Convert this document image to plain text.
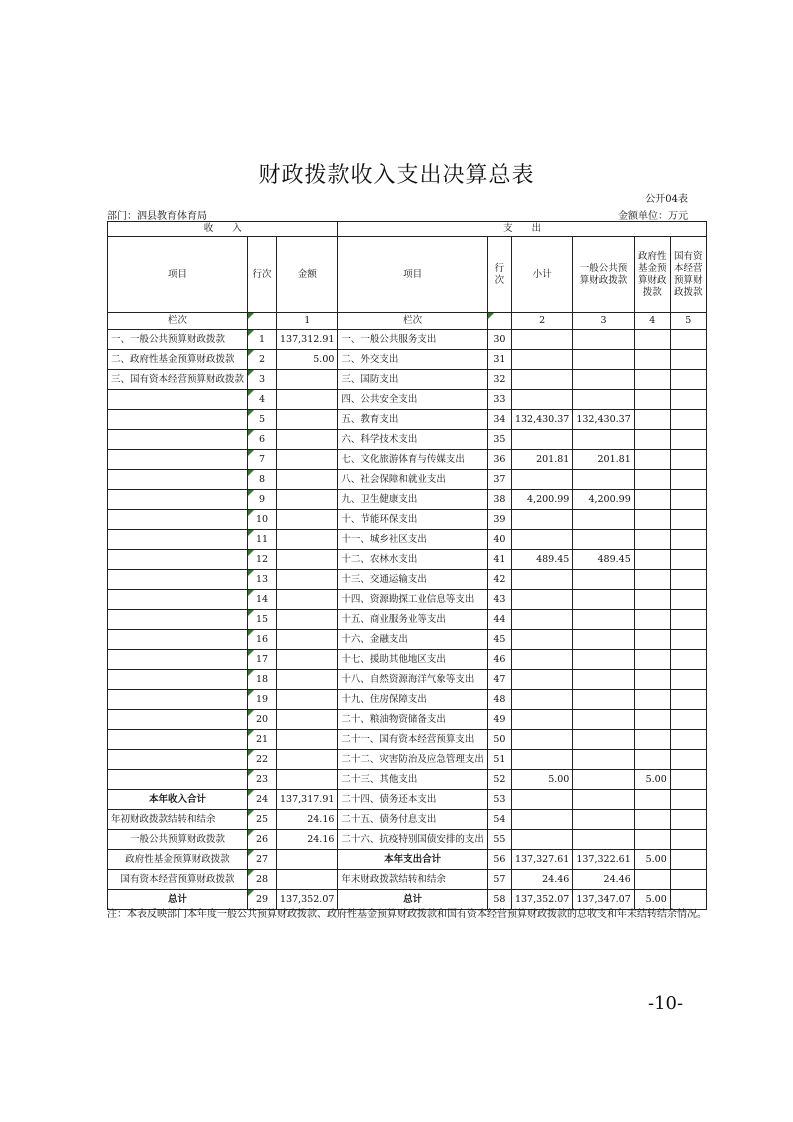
财政拨款收入支出决算总表
公开04表
部门：泗县教育体育局	金额单位：万元
收　　入			支　　出					
项目	行次	金额	项目	行次	小计	一般公共预算财政拨款	政府性基金预算财政拨款	国有资本经营预算财政拨款
栏次		1	栏次		2	3	4	5
一、一般公共预算财政拨款	1	137,312.91	一、一般公共服务支出	30				
二、政府性基金预算财政拨款	2	5.00	二、外交支出	31				
三、国有资本经营预算财政拨款	3		三、国防支出	32				
	4		四、公共安全支出	33				
	5		五、教育支出	34	132,430.37	132,430.37		
	6		六、科学技术支出	35				
	7		七、文化旅游体育与传媒支出	36	201.81	201.81		
	8		八、社会保障和就业支出	37				
	9		九、卫生健康支出	38	4,200.99	4,200.99		
	10		十、节能环保支出	39				
	11		十一、城乡社区支出	40				
	12		十二、农林水支出	41	489.45	489.45		
	13		十三、交通运输支出	42				
	14		十四、资源勘探工业信息等支出	43				
	15		十五、商业服务业等支出	44				
	16		十六、金融支出	45				
	17		十七、援助其他地区支出	46				
	18		十八、自然资源海洋气象等支出	47				
	19		十九、住房保障支出	48				
	20		二十、粮油物资储备支出	49				
	21		二十一、国有资本经营预算支出	50				
	22		二十二、灾害防治及应急管理支出	51				
	23		二十三、其他支出	52	5.00		5.00	
本年收入合计	24	137,317.91	二十四、债务还本支出	53				
年初财政拨款结转和结余	25	24.16	二十五、债务付息支出	54				
一般公共预算财政拨款	26	24.16	二十六、抗疫特别国债安排的支出	55				
政府性基金预算财政拨款	27		本年支出合计	56	137,327.61	137,322.61	5.00	
国有资本经营预算财政拨款	28		年末财政拨款结转和结余	57	24.46	24.46		
总计	29	137,352.07	总计	58	137,352.07	137,347.07	5.00	
注：本表反映部门本年度一般公共预算财政拨款、政府性基金预算财政拨款和国有资本经营预算财政拨款的总收支和年末结转结余情况。
-10-
